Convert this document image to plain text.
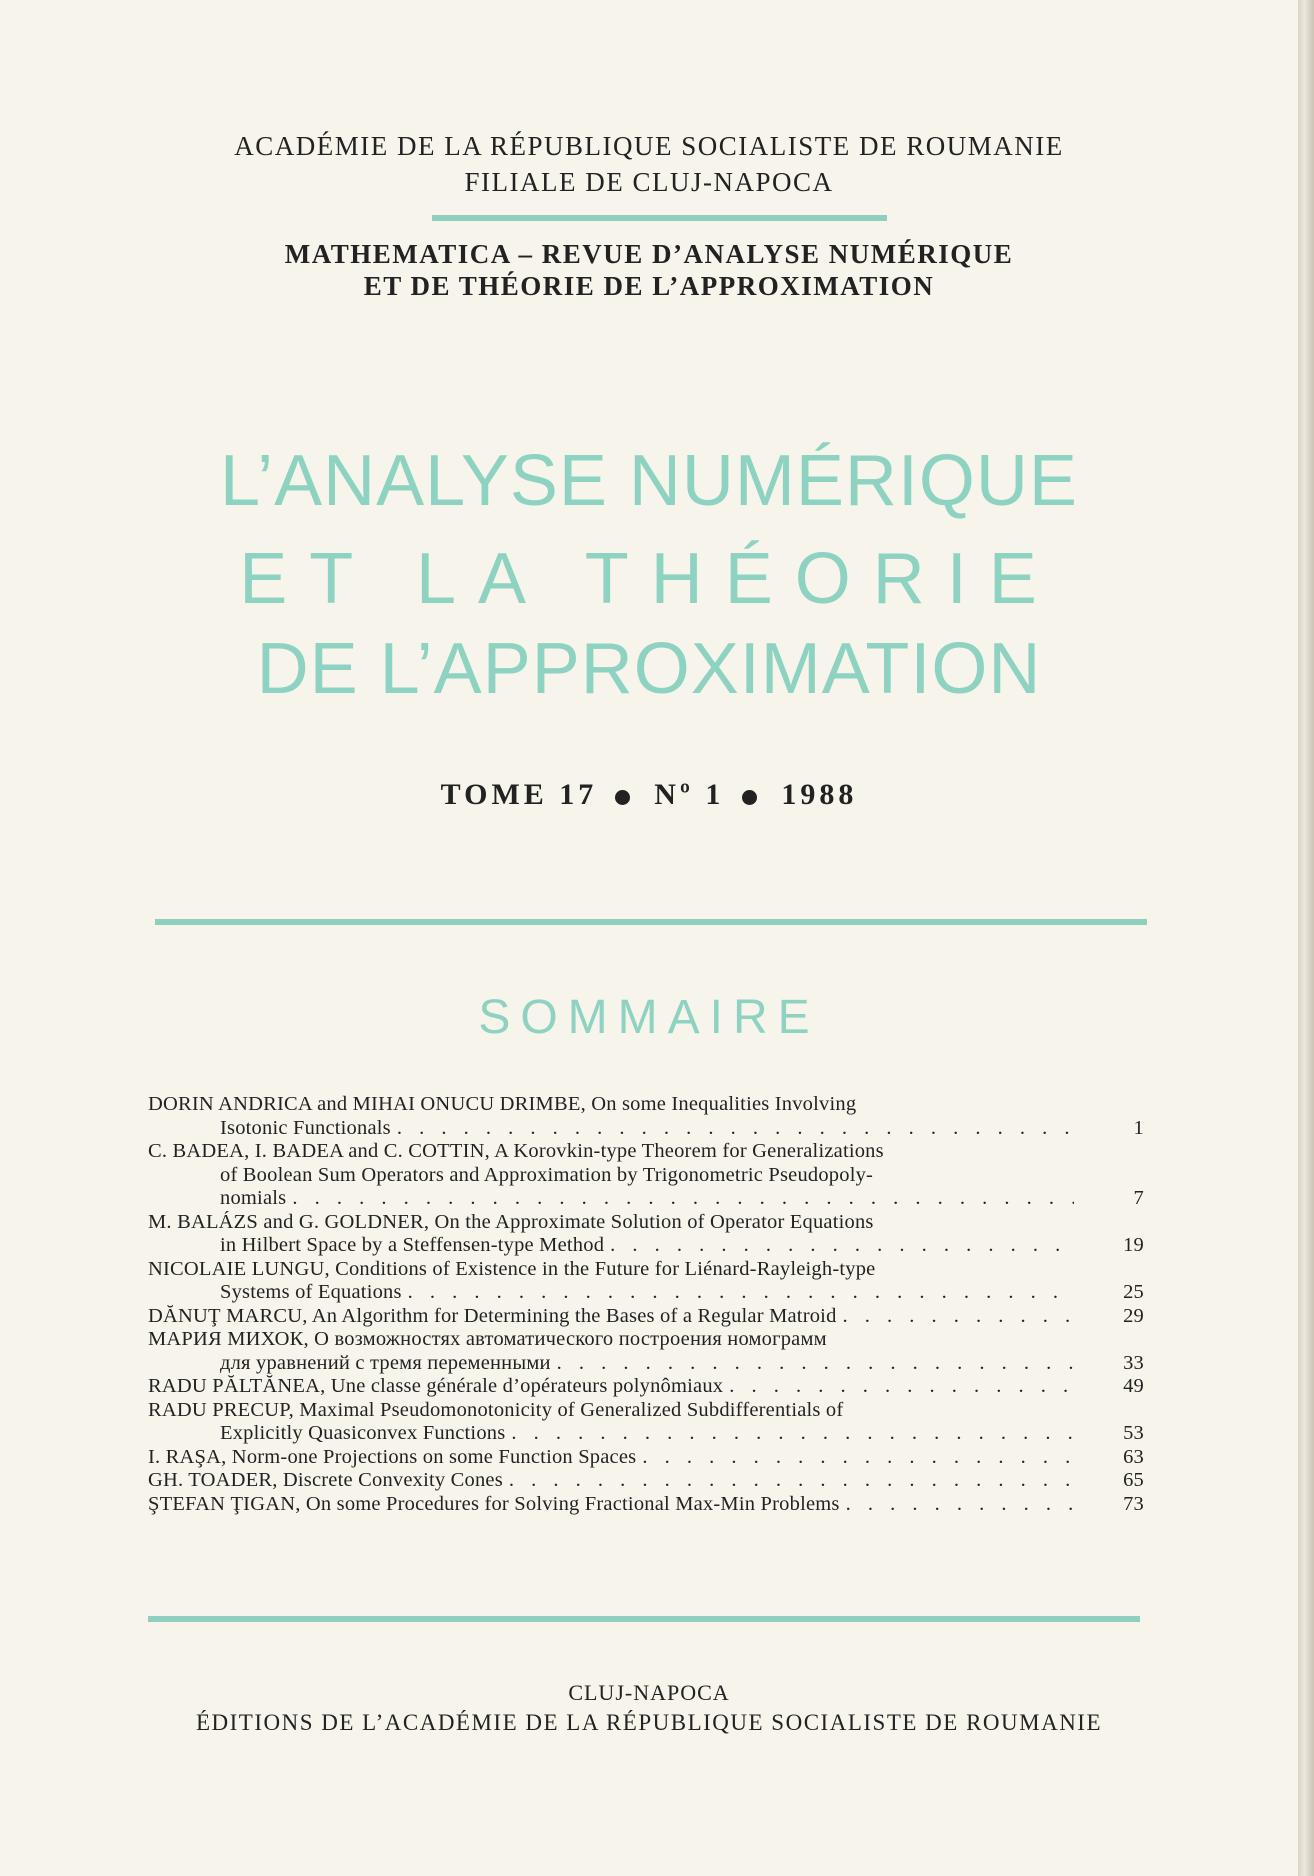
ACADÉMIE DE LA RÉPUBLIQUE SOCIALISTE DE ROUMANIE
FILIALE DE CLUJ-NAPOCA
MATHEMATICA – REVUE D’ANALYSE NUMÉRIQUE
ET DE THÉORIE DE L’APPROXIMATION
L’ANALYSE NUMÉRIQUE
ET LA THÉORIE
DE L’APPROXIMATION
TOME 17 Nº 1 1988
SOMMAIRE
DORIN ANDRICA and MIHAI ONUCU DRIMBE, On some Inequalities Involving
Isotonic Functionals . . .	1
C. BADEA, I. BADEA and C. COTTIN, A Korovkin-type Theorem for Generalizations
of Boolean Sum Operators and Approximation by Trigonometric Pseudopoly-
nomials . . .	7
M. BALÁZS and G. GOLDNER, On the Approximate Solution of Operator Equations
in Hilbert Space by a Steffensen-type Method . . .	19
NICOLAIE LUNGU, Conditions of Existence in the Future for Liénard-Rayleigh-type
Systems of Equations . . .	25
DĂNUŢ MARCU, An Algorithm for Determining the Bases of a Regular Matroid . . .	29
МАРИЯ МИХОК, О возможностях автоматического построения номограмм
для уравнений с тремя переменными . . .	33
RADU PĂLTĂNEA, Une classe générale d’opérateurs polynômiaux . . .	49
RADU PRECUP, Maximal Pseudomonotonicity of Generalized Subdifferentials of
Explicitly Quasiconvex Functions . . .	53
I. RAŞA, Norm-one Projections on some Function Spaces . . .	63
GH. TOADER, Discrete Convexity Cones . . .	65
ŞTEFAN ŢIGAN, On some Procedures for Solving Fractional Max-Min Problems . . .	73
CLUJ-NAPOCA
ÉDITIONS DE L’ACADÉMIE DE LA RÉPUBLIQUE SOCIALISTE DE ROUMANIE
